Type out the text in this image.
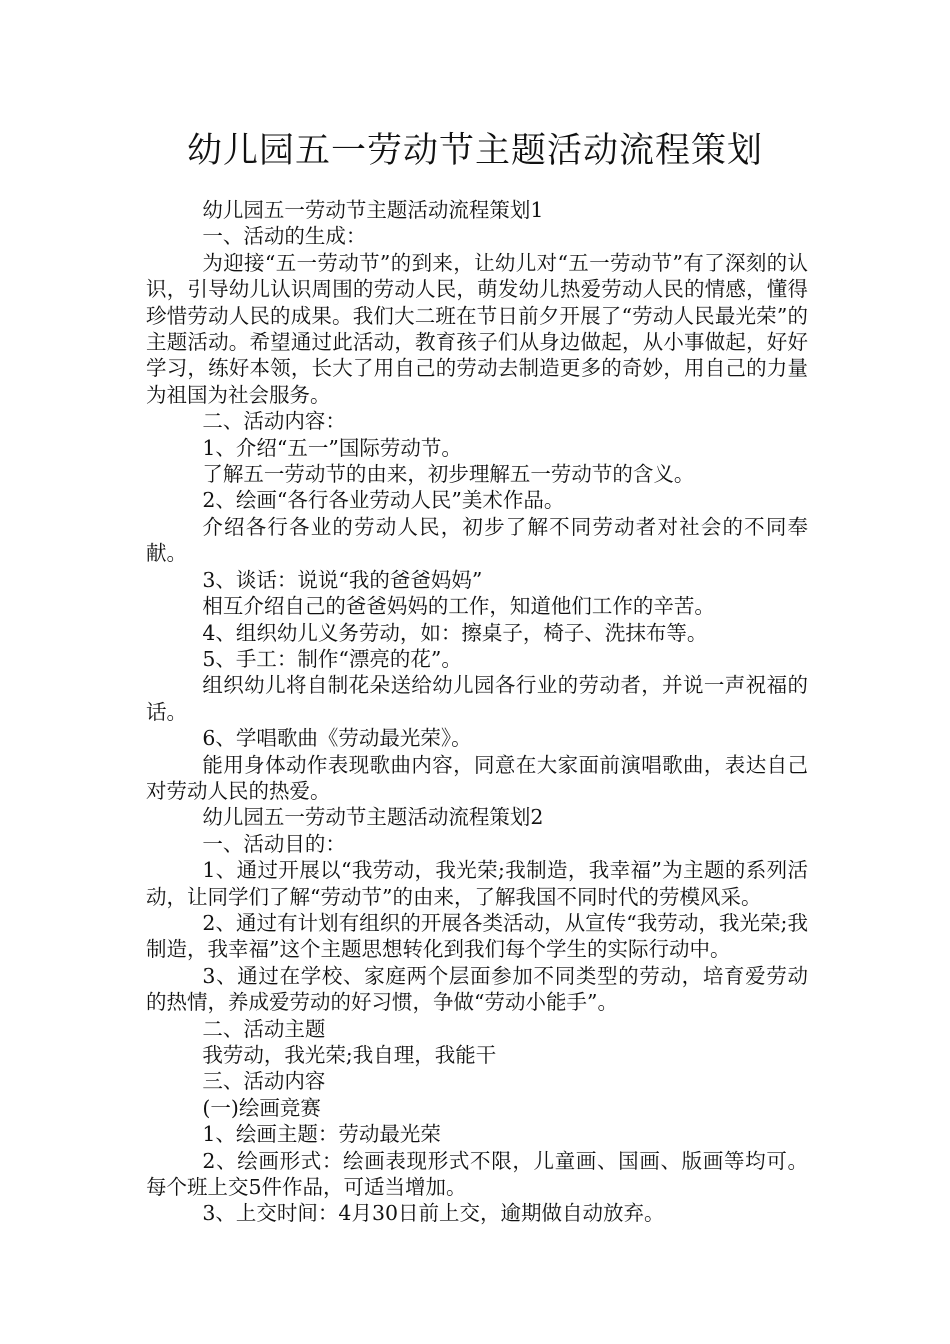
幼儿园五一劳动节主题活动流程策划

幼儿园五一劳动节主题活动流程策划1

一、活动的生成：

为迎接“五一劳动节”的到来，让幼儿对“五一劳动节”有了深刻的认识，引导幼儿认识周围的劳动人民，萌发幼儿热爱劳动人民的情感，懂得珍惜劳动人民的成果。我们大二班在节日前夕开展了“劳动人民最光荣”的主题活动。希望通过此活动，教育孩子们从身边做起，从小事做起，好好学习，练好本领，长大了用自己的劳动去制造更多的奇妙，用自己的力量为祖国为社会服务。

二、活动内容：

1、介绍“五一”国际劳动节。

了解五一劳动节的由来，初步理解五一劳动节的含义。

2、绘画“各行各业劳动人民”美术作品。

介绍各行各业的劳动人民，初步了解不同劳动者对社会的不同奉献。

3、谈话：说说“我的爸爸妈妈”

相互介绍自己的爸爸妈妈的工作，知道他们工作的辛苦。

4、组织幼儿义务劳动，如：擦桌子，椅子、洗抹布等。

5、手工：制作“漂亮的花”。

组织幼儿将自制花朵送给幼儿园各行业的劳动者，并说一声祝福的话。

6、学唱歌曲《劳动最光荣》。

能用身体动作表现歌曲内容，同意在大家面前演唱歌曲，表达自己对劳动人民的热爱。

幼儿园五一劳动节主题活动流程策划2

一、活动目的：

1、通过开展以“我劳动，我光荣;我制造，我幸福”为主题的系列活动，让同学们了解“劳动节”的由来，了解我国不同时代的劳模风采。

2、通过有计划有组织的开展各类活动，从宣传“我劳动，我光荣;我制造，我幸福”这个主题思想转化到我们每个学生的实际行动中。

3、通过在学校、家庭两个层面参加不同类型的劳动，培育爱劳动的热情，养成爱劳动的好习惯，争做“劳动小能手”。

二、活动主题

我劳动，我光荣;我自理，我能干

三、活动内容

(一)绘画竞赛

1、绘画主题：劳动最光荣

2、绘画形式：绘画表现形式不限，儿童画、国画、版画等均可。每个班上交5件作品，可适当增加。

3、上交时间：4月30日前上交，逾期做自动放弃。
